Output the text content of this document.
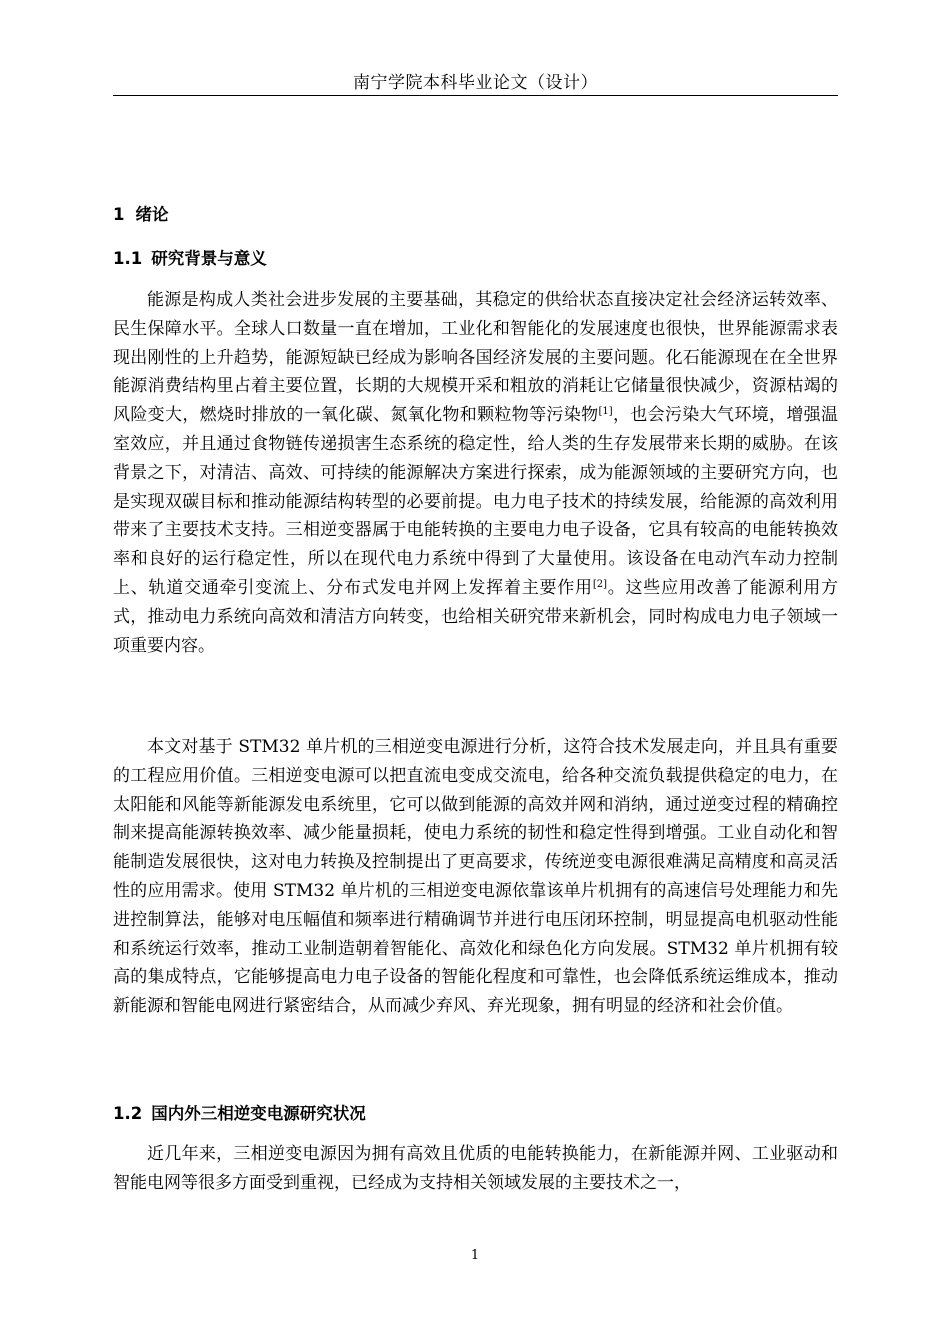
南宁学院本科毕业论文（设计）
1 绪论
1.1 研究背景与意义
能源是构成人类社会进步发展的主要基础，其稳定的供给状态直接决定社会经济运转效率、民生保障水平。全球人口数量一直在增加，工业化和智能化的发展速度也很快，世界能源需求表现出刚性的上升趋势，能源短缺已经成为影响各国经济发展的主要问题。化石能源现在在全世界能源消费结构里占着主要位置，长期的大规模开采和粗放的消耗让它储量很快减少，资源枯竭的风险变大，燃烧时排放的一氧化碳、氮氧化物和颗粒物等污染物[1]，也会污染大气环境，增强温室效应，并且通过食物链传递损害生态系统的稳定性，给人类的生存发展带来长期的威胁。在该背景之下，对清洁、高效、可持续的能源解决方案进行探索，成为能源领域的主要研究方向，也是实现双碳目标和推动能源结构转型的必要前提。电力电子技术的持续发展，给能源的高效利用带来了主要技术支持。三相逆变器属于电能转换的主要电力电子设备，它具有较高的电能转换效率和良好的运行稳定性，所以在现代电力系统中得到了大量使用。该设备在电动汽车动力控制上、轨道交通牵引变流上、分布式发电并网上发挥着主要作用[2]。这些应用改善了能源利用方式，推动电力系统向高效和清洁方向转变，也给相关研究带来新机会，同时构成电力电子领域一项重要内容。
本文对基于 STM32 单片机的三相逆变电源进行分析，这符合技术发展走向，并且具有重要的工程应用价值。三相逆变电源可以把直流电变成交流电，给各种交流负载提供稳定的电力，在太阳能和风能等新能源发电系统里，它可以做到能源的高效并网和消纳，通过逆变过程的精确控制来提高能源转换效率、减少能量损耗，使电力系统的韧性和稳定性得到增强。工业自动化和智能制造发展很快，这对电力转换及控制提出了更高要求，传统逆变电源很难满足高精度和高灵活性的应用需求。使用 STM32 单片机的三相逆变电源依靠该单片机拥有的高速信号处理能力和先进控制算法，能够对电压幅值和频率进行精确调节并进行电压闭环控制，明显提高电机驱动性能和系统运行效率，推动工业制造朝着智能化、高效化和绿色化方向发展。STM32 单片机拥有较高的集成特点，它能够提高电力电子设备的智能化程度和可靠性，也会降低系统运维成本，推动新能源和智能电网进行紧密结合，从而减少弃风、弃光现象，拥有明显的经济和社会价值。
1.2 国内外三相逆变电源研究状况
近几年来，三相逆变电源因为拥有高效且优质的电能转换能力，在新能源并网、工业驱动和智能电网等很多方面受到重视，已经成为支持相关领域发展的主要技术之一，
1
